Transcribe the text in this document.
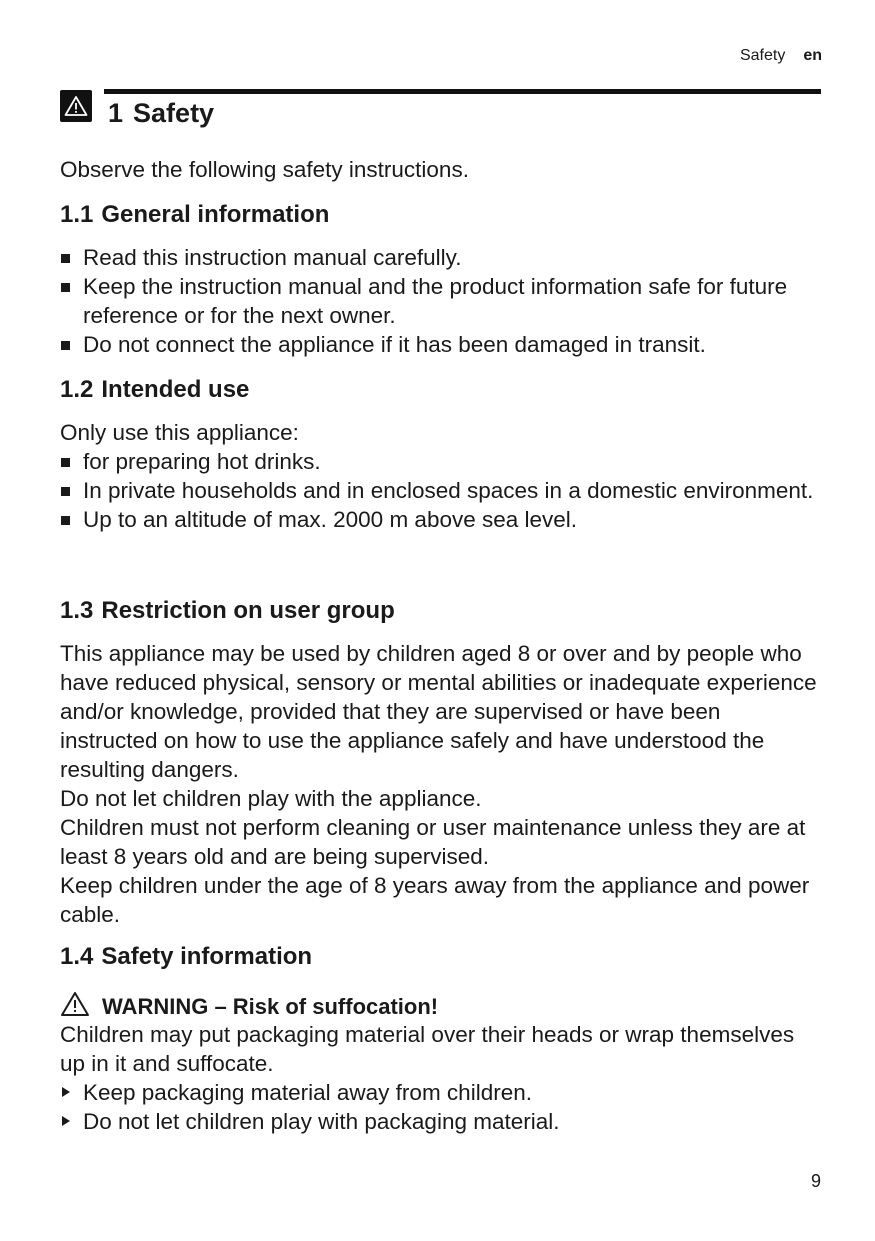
Safety en
1 Safety
Observe the following safety instructions.
1.1 General information
Read this instruction manual carefully.
Keep the instruction manual and the product information safe for future reference or for the next owner.
Do not connect the appliance if it has been damaged in transit.
1.2 Intended use
Only use this appliance:
for preparing hot drinks.
In private households and in enclosed spaces in a domestic environment.
Up to an altitude of max. 2000 m above sea level.
1.3 Restriction on user group
This appliance may be used by children aged 8 or over and by people who have reduced physical, sensory or mental abilities or inadequate experience and/or knowledge, provided that they are supervised or have been instructed on how to use the appliance safely and have understood the resulting dangers.
Do not let children play with the appliance.
Children must not perform cleaning or user maintenance unless they are at least 8 years old and are being supervised.
Keep children under the age of 8 years away from the appliance and power cable.
1.4 Safety information
WARNING – Risk of suffocation!
Children may put packaging material over their heads or wrap themselves up in it and suffocate.
Keep packaging material away from children.
Do not let children play with packaging material.
9
